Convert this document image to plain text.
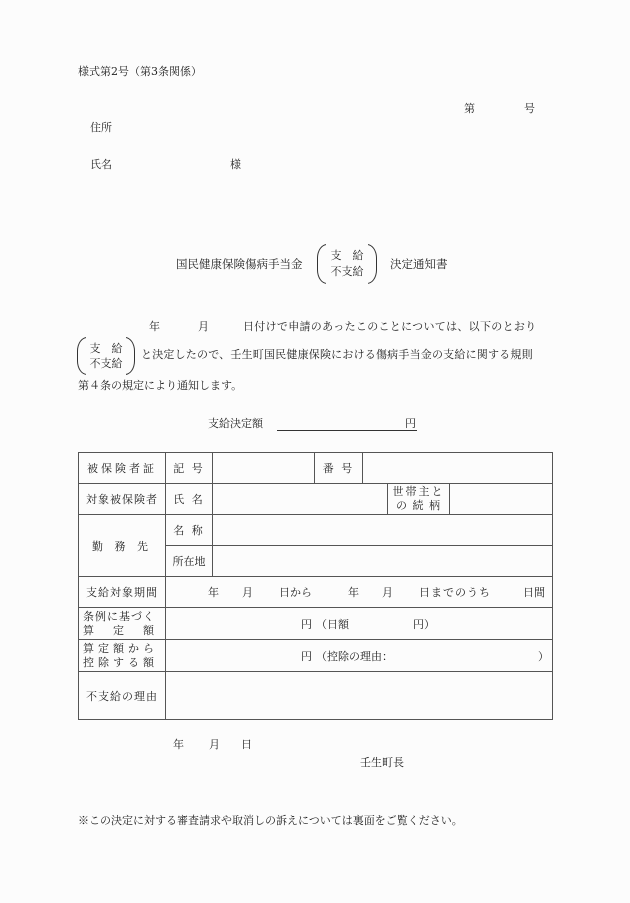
様式第2号（第3条関係）
第	号
住所
氏名	様
国民健康保険傷病手当金
支　給
不支給
決定通知書
年	月	日付けで申請のあったこのことについては、以下のとおり
支　給
不支給
と決定したので、壬生町国民健康保険における傷病手当金の支給に関する規則
第４条の規定により通知します。
支給決定額	円
被保険者証	記 号		番 号			
対象被保険者	氏 名				世帯主と
の 続 柄	

勤 務 先	名 称					
	所在地					
支給対象期間	年 月 日から	年 月 日までのうち	日間

条例に基づく
算　定　額	円 （日額	円）

算定額から
控除する額	円 （控除の理由：	）

不支給の理由						
年 月 日
壬生町長
※この決定に対する審査請求や取消しの訴えについては裏面をご覧ください。
